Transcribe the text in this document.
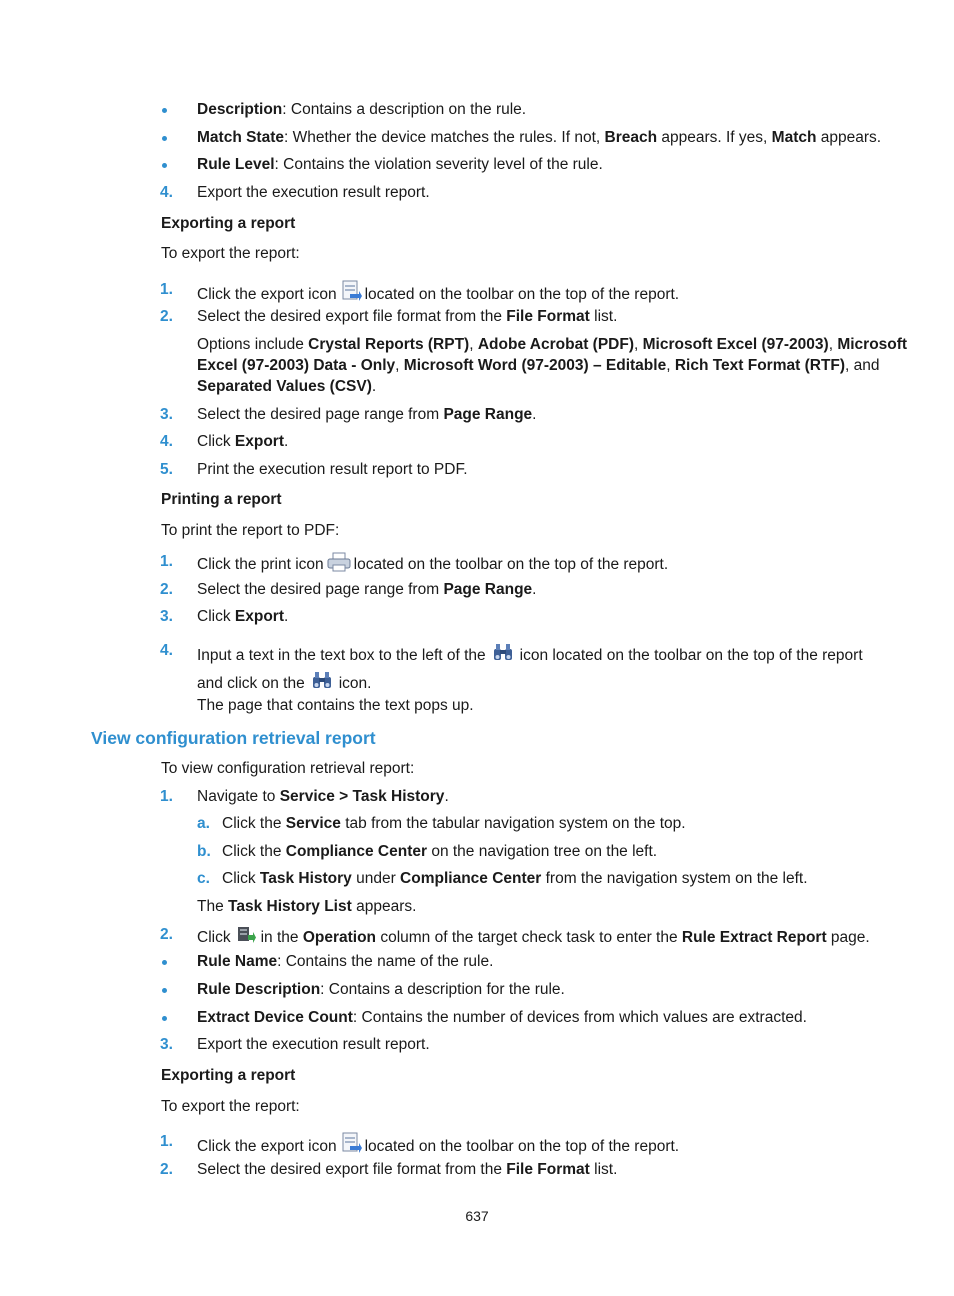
Description: Contains a description on the rule.
Match State: Whether the device matches the rules. If not, Breach appears. If yes, Match appears.
Rule Level: Contains the violation severity level of the rule.
4. Export the execution result report.
Exporting a report
To export the report:
1. Click the export icon located on the toolbar on the top of the report.
2. Select the desired export file format from the File Format list.
Options include Crystal Reports (RPT), Adobe Acrobat (PDF), Microsoft Excel (97-2003), Microsoft
Excel (97-2003) Data - Only, Microsoft Word (97-2003) – Editable, Rich Text Format (RTF), and
Separated Values (CSV).
3. Select the desired page range from Page Range.
4. Click Export.
5. Print the execution result report to PDF.
Printing a report
To print the report to PDF:
1. Click the print icon located on the toolbar on the top of the report.
2. Select the desired page range from Page Range.
3. Click Export.
4. Input a text in the text box to the left of the icon located on the toolbar on the top of the report
and click on the icon.
The page that contains the text pops up.
View configuration retrieval report
To view configuration retrieval report:
1. Navigate to Service > Task History.
a. Click the Service tab from the tabular navigation system on the top.
b. Click the Compliance Center on the navigation tree on the left.
c. Click Task History under Compliance Center from the navigation system on the left.
The Task History List appears.
2. Click in the Operation column of the target check task to enter the Rule Extract Report page.
Rule Name: Contains the name of the rule.
Rule Description: Contains a description for the rule.
Extract Device Count: Contains the number of devices from which values are extracted.
3. Export the execution result report.
Exporting a report
To export the report:
1. Click the export icon located on the toolbar on the top of the report.
2. Select the desired export file format from the File Format list.
637
